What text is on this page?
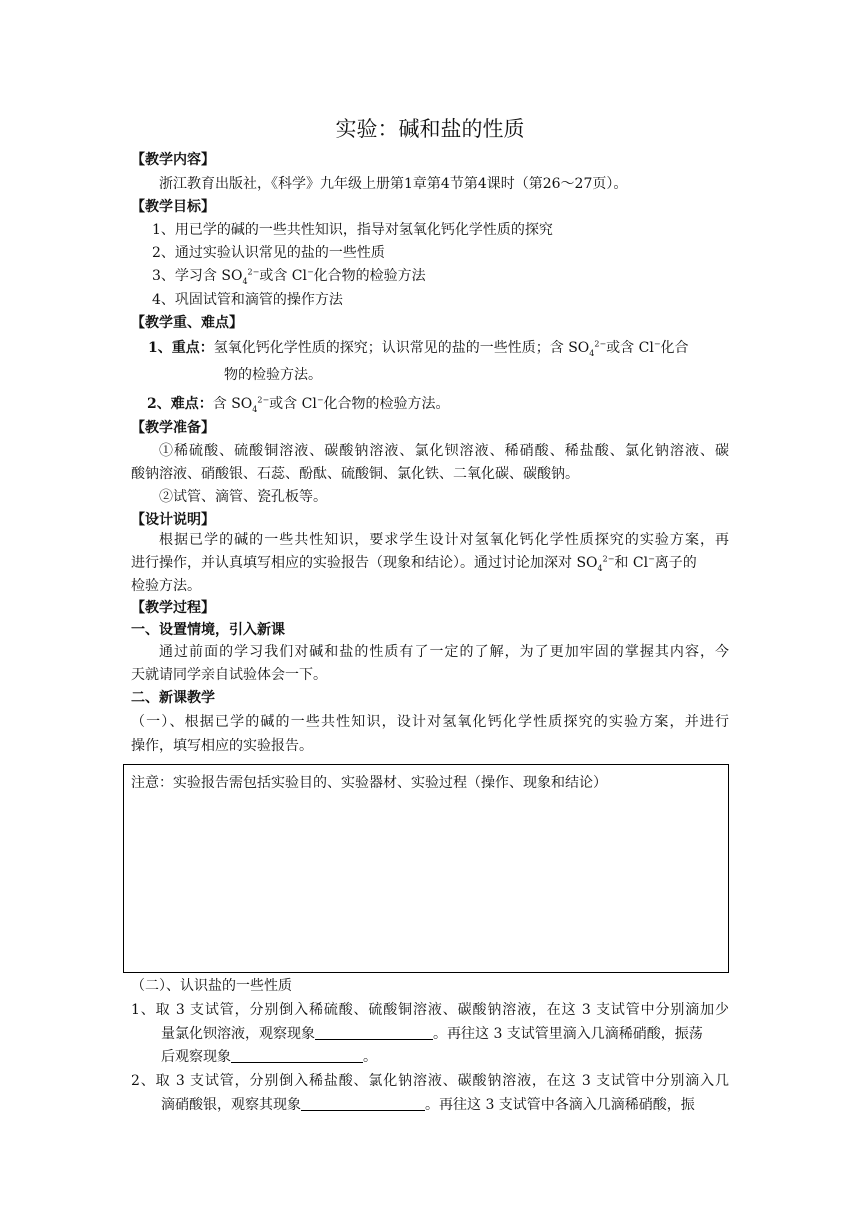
实验：碱和盐的性质
【教学内容】
浙江教育出版社，《科学》九年级上册第1章第4节第4课时（第26～27页）。
【教学目标】
1、用已学的碱的一些共性知识，指导对氢氧化钙化学性质的探究
2、通过实验认识常见的盐的一些性质
3、学习含 $SO_4^{2-}$或含 Cl−化合物的检验方法
4、巩固试管和滴管的操作方法
【教学重、难点】
1、重点：氢氧化钙化学性质的探究；认识常见的盐的一些性质；含 $SO_4^{2-}$或含 Cl−化合
物的检验方法。
2、难点：含 $SO_4^{2-}$或含 Cl−化合物的检验方法。
【教学准备】
①稀硫酸、硫酸铜溶液、碳酸钠溶液、氯化钡溶液、稀硝酸、稀盐酸、氯化钠溶液、碳
酸钠溶液、硝酸银、石蕊、酚酞、硫酸铜、氯化铁、二氧化碳、碳酸钠。
②试管、滴管、瓷孔板等。
【设计说明】
根据已学的碱的一些共性知识，要求学生设计对氢氧化钙化学性质探究的实验方案，再
进行操作，并认真填写相应的实验报告（现象和结论）。通过讨论加深对 $SO_4^{2-}$和 Cl−离子的
检验方法。
【教学过程】
一、设置情境，引入新课
通过前面的学习我们对碱和盐的性质有了一定的了解，为了更加牢固的掌握其内容，今
天就请同学亲自试验体会一下。
二、新课教学
（一）、根据已学的碱的一些共性知识，设计对氢氧化钙化学性质探究的实验方案，并进行
操作，填写相应的实验报告。
注意：实验报告需包括实验目的、实验器材、实验过程（操作、现象和结论）
（二）、认识盐的一些性质
1、取 3 支试管，分别倒入稀硫酸、硫酸铜溶液、碳酸钠溶液，在这 3 支试管中分别滴加少
量氯化钡溶液，观察现象	。再往这 3 支试管里滴入几滴稀硝酸，振荡
后观察现象	。
2、取 3 支试管，分别倒入稀盐酸、氯化钠溶液、碳酸钠溶液，在这 3 支试管中分别滴入几
滴硝酸银，观察其现象	。再往这 3 支试管中各滴入几滴稀硝酸，振
